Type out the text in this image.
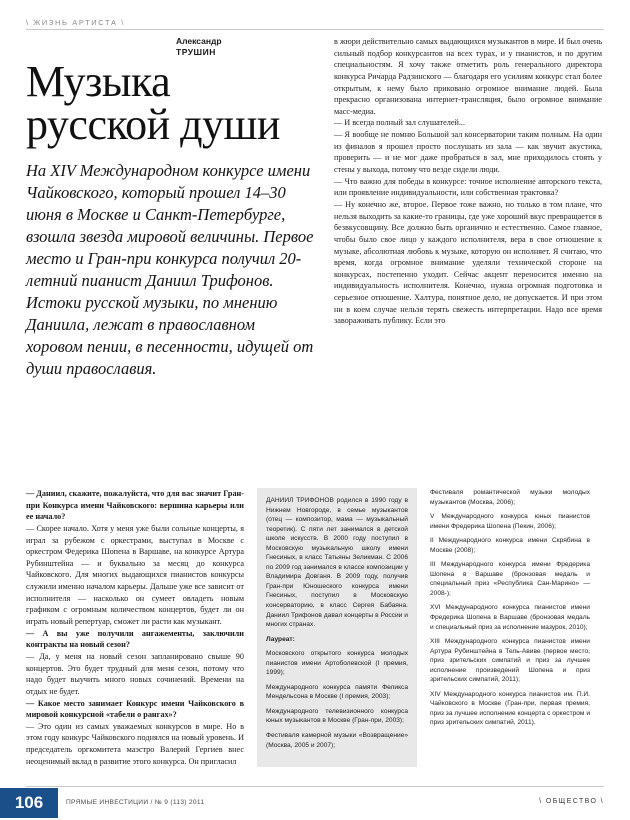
\ ЖИЗНЬ АРТИСТА \
Александр
ТРУШИН
Музыка
русской души
На XIV Международном конкурсе имени Чайковского, который прошел 14–30 июня в Москве и Санкт-Петербурге, взошла звезда мировой величины. Первое место и Гран-при конкурса получил 20-летний пианист Даниил Трифонов. Истоки русской музыки, по мнению Даниила, лежат в православном хоровом пении, в песенности, идущей от души православия.

в жюри действительно самых выдающихся музыкантов в мире. И был очень сильный подбор конкурсантов на всех турах, и у пианистов, и по другим специальностям. Я хочу также отметить роль генерального директора конкурса Ричарда Радзинского — благодаря его усилиям конкурс стал более открытым, к нему было приковано огромное внимание людей. Была прекрасно организована интернет-трансляция, было огромное внимание масс-медиа.

— И всегда полный зал слушателей...

— Я вообще не помню Большой зал консерватории таким полным. На один из финалов я прошел просто послушать из зала — как звучит акустика, проверить — и не мог даже пробраться в зал, мне приходилось стоять у стены у выхода, потому что везде сидели люди.

— Что важно для победы в конкурсе: точное исполнение авторского текста, или проявление индивидуальности, или собственная трактовка?

— Ну конечно же, второе. Первое тоже важно, но только в том плане, что нельзя выходить за какие-то границы, где уже хороший вкус превращается в безвкусовщину. Все должно быть органично и естественно. Самое главное, чтобы было свое лицо у каждого исполнителя, вера в свое отношение к музыке, абсолютная любовь к музыке, которую он исполняет. Я считаю, что время, когда огромное внимание уделяли технической стороне на конкурсах, постепенно уходит. Сейчас акцент переносится именно на индивидуальность исполнителя. Конечно, нужна огромная подготовка и серьезное отношение. Халтура, понятное дело, не допускается. И при этом ни в коем случае нельзя терять свежесть интерпретации. Надо все время завораживать публику. Если это

— Даниил, скажите, пожалуйста, что для вас значит Гран-при Конкурса имени Чайковского: вершина карьеры или ее начало?

— Скорее начало. Хотя у меня уже были сольные концерты, я играл за рубежом с оркестрами, выступал в Москве с оркестром Федерика Шопена в Варшаве, на конкурсе Артура Рубинштейна — и буквально за месяц до конкурса Чайковского. Для многих выдающихся пианистов конкурсы служили именно началом карьеры. Дальше уже все зависит от исполнителя — насколько он сумеет овладеть новым графиком с огромным количеством концертов, будет ли он играть новый репертуар, сможет ли расти как музыкант.

— А вы уже получили ангажементы, заключили контракты на новый сезон?

— Да, у меня на новый сезон запланировано свыше 90 концертов. Это будет трудный для меня сезон, потому что надо будет выучить много новых сочинений. Времени на отдых не будет.

— Какое место занимает Конкурс имени Чайковского в мировой конкурсной «табели о рангах»?

— Это один из самых уважаемых конкурсов в мире. Но в этом году конкурс Чайковского поднялся на новый уровень. И председатель оргкомитета маэстро Валерий Гергиев внес неоценимый вклад в развитие этого конкурса. Он пригласил

ДАНИИЛ ТРИФОНОВ родился в 1990 году в Нижнем Новгороде, в семье музыкантов (отец — композитор, мама — музыкальный теоретик). С пяти лет занимался в детской школе искусств. В 2000 году поступил в Московскую музыкальную школу имени Гнесиных, в класс Татьяны Зеликман. С 2006 по 2009 год занимался в классе композиции у Владимира Довганя. В 2009 году, получив Гран-при Юношеского конкурса имени Гнесиных, поступил в Московскую консерваторию, в класс Сергея Бабаяна. Даниил Трифонов давал концерты в России и многих странах.

Лауреат:

Московского открытого конкурса молодых пианистов имени Артоболевской (I премия, 1999);

Международного конкурса памяти Феликса Мендельсона в Москве (I премия, 2003);

Международного телевизионного конкурса юных музыкантов в Москве (Гран-при, 2003);

Фестиваля камерной музыки «Возвращение» (Москва, 2005 и 2007);

Фестиваля романтической музыки молодых музыкантов (Москва, 2006);

V Международного конкурса юных пианистов имени Фредерика Шопена (Пекин, 2006);

II Международного конкурса имени Скрябина в Москве (2008);

III Международного конкурса имени Фредерика Шопена в Варшаве (бронзовая медаль и специальный приз «Республика Сан-Марино» — 2008-);

XVI Международного конкурса пианистов имени Фредерика Шопена в Варшаве (бронзовая медаль и специальный приз за исполнение мазурок, 2010);

XIII Международного конкурса пианистов имени Артура Рубинштейна в Тель-Авиве (первое место, приз зрительских симпатий и приз за лучшее исполнение произведений Шопена и приз зрительских симпатий, 2011);

XIV Международного конкурса пианистов им. П.И. Чайковского в Москве (Гран-при, первая премия, приз за лучшее исполнение концерта с оркестром и приз зрительских симпатий, 2011).

106	ПРЯМЫЕ ИНВЕСТИЦИИ / № 9 (113) 2011	\ ОБЩЕСТВО \
